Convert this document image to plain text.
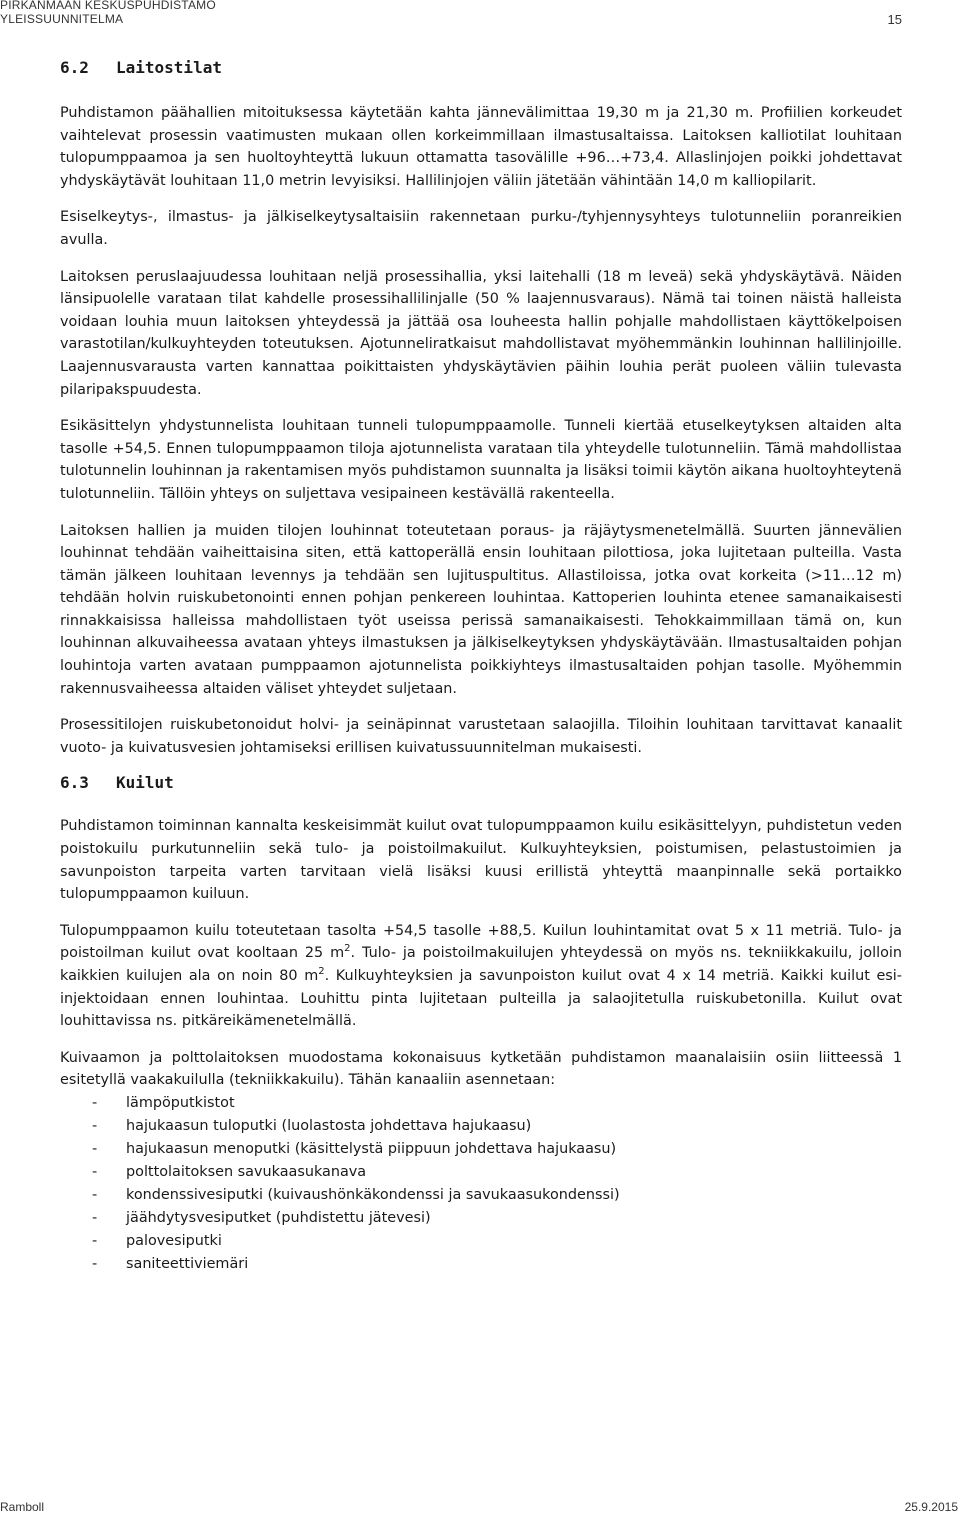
PIRKANMAAN KESKUSPUHDISTAMO
YLEISSUUNNITELMA	15
6.2 Laitostilat

Puhdistamon päähallien mitoituksessa käytetään kahta jännevälimittaa 19,30 m ja 21,30 m. Profiilien korkeudet vaihtelevat prosessin vaatimusten mukaan ollen korkeimmillaan ilmastusaltaissa. Laitoksen kalliotilat louhitaan tulopumppaamoa ja sen huoltoyhteyttä lukuun ottamatta tasovälille +96…+73,4. Allaslinjojen poikki johdettavat yhdyskäytävät louhitaan 11,0 metrin levyisiksi. Hallilinjojen väliin jätetään vähintään 14,0 m kalliopilarit.

Esiselkeytys-, ilmastus- ja jälkiselkeytysaltaisiin rakennetaan purku-/tyhjennysyhteys tulotunneliin poranreikien avulla.

Laitoksen peruslaajuudessa louhitaan neljä prosessihallia, yksi laitehalli (18 m leveä) sekä yhdyskäytävä. Näiden länsipuolelle varataan tilat kahdelle prosessihallilinjalle (50 % laajennusvaraus). Nämä tai toinen näistä halleista voidaan louhia muun laitoksen yhteydessä ja jättää osa louheesta hallin pohjalle mahdollistaen käyttökelpoisen varastotilan/kulkuyhteyden toteutuksen. Ajotunneliratkaisut mahdollistavat myöhemmänkin louhinnan hallilinjoille. Laajennusvarausta varten kannattaa poikittaisten yhdyskäytävien päihin louhia perät puoleen väliin tulevasta pilaripakspuudesta.

Esikäsittelyn yhdystunnelista louhitaan tunneli tulopumppaamolle. Tunneli kiertää etuselkeytyksen altaiden alta tasolle +54,5. Ennen tulopumppaamon tiloja ajotunnelista varataan tila yhteydelle tulotunneliin. Tämä mahdollistaa tulotunnelin louhinnan ja rakentamisen myös puhdistamon suunnalta ja lisäksi toimii käytön aikana huoltoyhteytenä tulotunneliin. Tällöin yhteys on suljettava vesipaineen kestävällä rakenteella.

Laitoksen hallien ja muiden tilojen louhinnat toteutetaan poraus- ja räjäytysmenetelmällä. Suurten jännevälien louhinnat tehdään vaiheittaisina siten, että kattoperällä ensin louhitaan pilottiosa, joka lujitetaan pulteilla. Vasta tämän jälkeen louhitaan levennys ja tehdään sen lujituspultitus. Allastiloissa, jotka ovat korkeita (>11…12 m) tehdään holvin ruiskubetonointi ennen pohjan penkereen louhintaa. Kattoperien louhinta etenee samanaikaisesti rinnakkaisissa halleissa mahdollistaen työt useissa perissä samanaikaisesti. Tehokkaimmillaan tämä on, kun louhinnan alkuvaiheessa avataan yhteys ilmastuksen ja jälkiselkeytyksen yhdyskäytävään. Ilmastusaltaiden pohjan louhintoja varten avataan pumppaamon ajotunnelista poikkiyhteys ilmastusaltaiden pohjan tasolle. Myöhemmin rakennusvaiheessa altaiden väliset yhteydet suljetaan.

Prosessitilojen ruiskubetonoidut holvi- ja seinäpinnat varustetaan salaojilla. Tiloihin louhitaan tarvittavat kanaalit vuoto- ja kuivatusvesien johtamiseksi erillisen kuivatussuunnitelman mukaisesti.

6.3 Kuilut

Puhdistamon toiminnan kannalta keskeisimmät kuilut ovat tulopumppaamon kuilu esikäsittelyyn, puhdistetun veden poistokuilu purkutunneliin sekä tulo- ja poistoilmakuilut. Kulkuyhteyksien, poistumisen, pelastustoimien ja savunpoiston tarpeita varten tarvitaan vielä lisäksi kuusi erillistä yhteyttä maanpinnalle sekä portaikko tulopumppaamon kuiluun.

Tulopumppaamon kuilu toteutetaan tasolta +54,5 tasolle +88,5. Kuilun louhintamitat ovat 5 x 11 metriä. Tulo- ja poistoilman kuilut ovat kooltaan 25 $m^2$. Tulo- ja poistoilmakuilujen yhteydessä on myös ns. tekniikkakuilu, jolloin kaikkien kuilujen ala on noin 80 $m^2$. Kulkuyhteyksien ja savunpoiston kuilut ovat 4 x 14 metriä. Kaikki kuilut esi-injektoidaan ennen louhintaa. Louhittu pinta lujitetaan pulteilla ja salaojitetulla ruiskubetonilla. Kuilut ovat louhittavissa ns. pitkäreikämenetelmällä.

Kuivaamon ja polttolaitoksen muodostama kokonaisuus kytketään puhdistamon maanalaisiin osiin liitteessä 1 esitetyllä vaakakuilulla (tekniikkakuilu). Tähän kanaaliin asennetaan:

- lämpöputkistot
- hajukaasun tuloputki (luolastosta johdettava hajukaasu)
- hajukaasun menoputki (käsittelystä piippuun johdettava hajukaasu)
- polttolaitoksen savukaasukanava
- kondenssivesiputki (kuivaushönkäkondenssi ja savukaasukondenssi)
- jäähdytysvesiputket (puhdistettu jätevesi)
- palovesiputki
- saniteettiviemäri
Ramboll	25.9.2015
